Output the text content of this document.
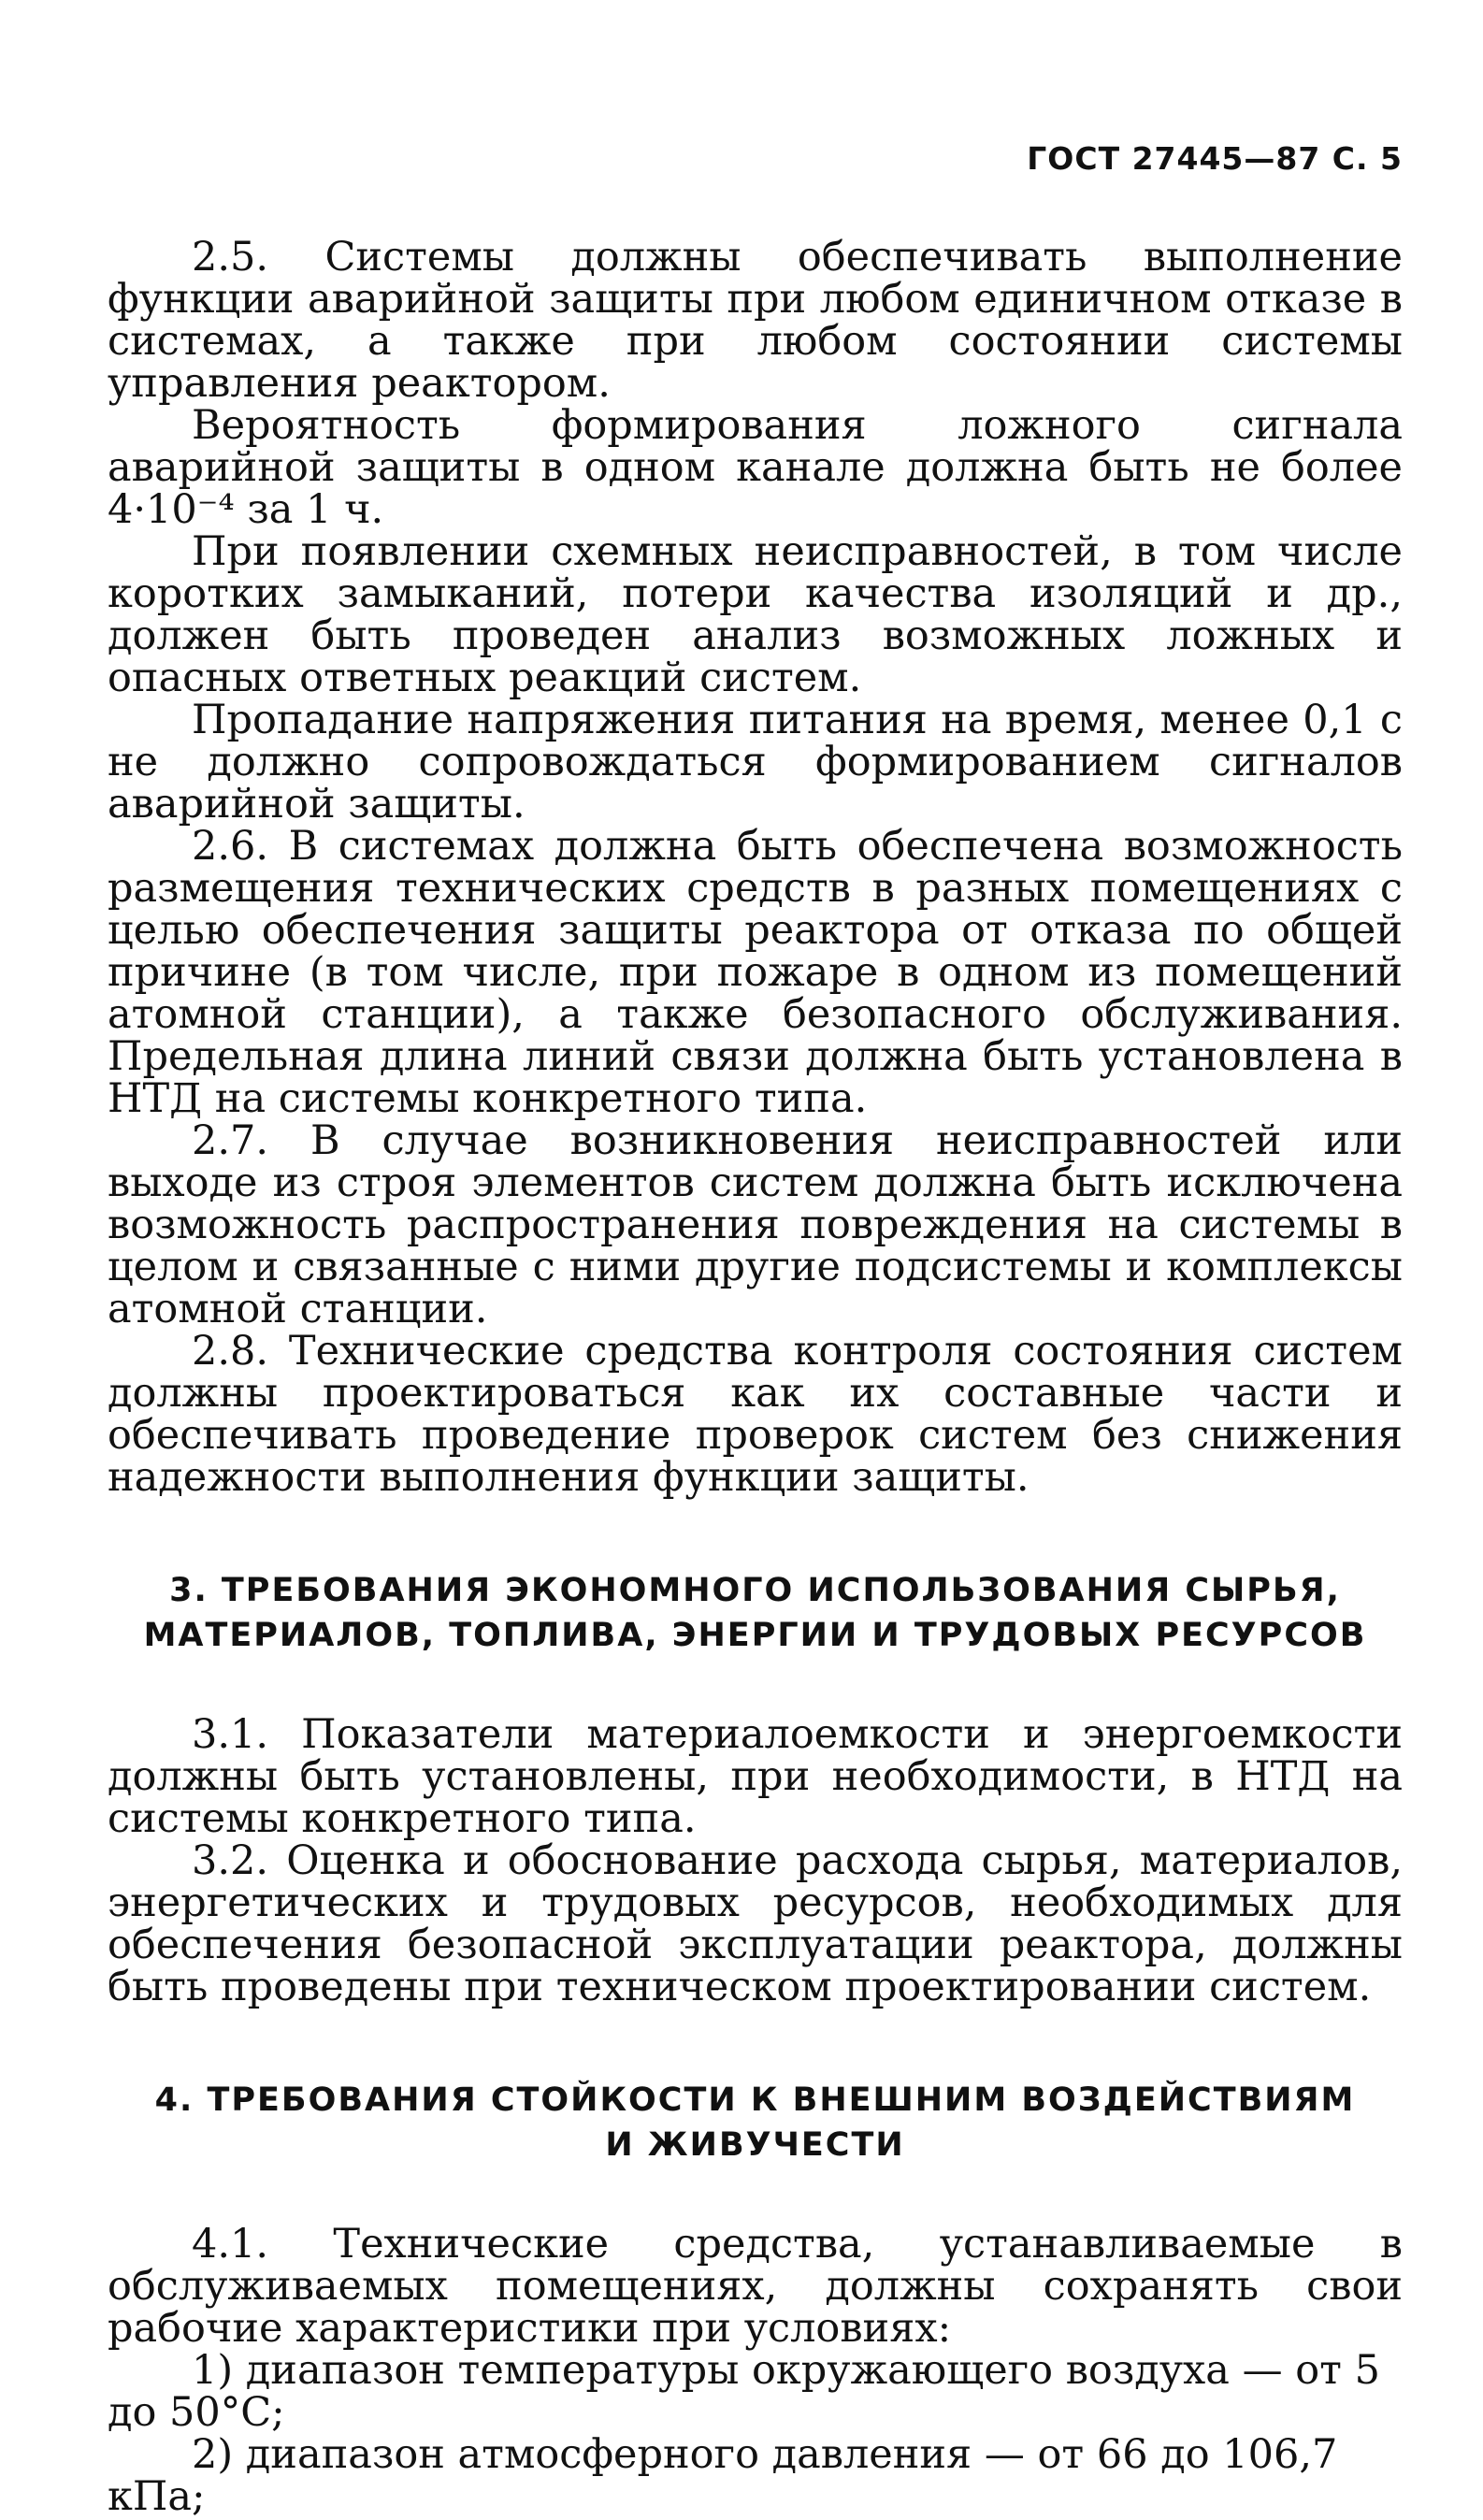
ГОСТ 27445—87 С. 5

2.5. Системы должны обеспечивать выполнение функции аварийной защиты при любом единичном отказе в системах, а также при любом состоянии системы управления реактором.

Вероятность формирования ложного сигнала аварийной защиты в одном канале должна быть не более 4·10⁻⁴ за 1 ч.

При появлении схемных неисправностей, в том числе коротких замыканий, потери качества изоляций и др., должен быть проведен анализ возможных ложных и опасных ответных реакций систем.

Пропадание напряжения питания на время, менее 0,1 с не должно сопровождаться формированием сигналов аварийной защиты.

2.6. В системах должна быть обеспечена возможность размещения технических средств в разных помещениях с целью обеспечения защиты реактора от отказа по общей причине (в том числе, при пожаре в одном из помещений атомной станции), а также безопасного обслуживания. Предельная длина линий связи должна быть установлена в НТД на системы конкретного типа.

2.7. В случае возникновения неисправностей или выходе из строя элементов систем должна быть исключена возможность распространения повреждения на системы в целом и связанные с ними другие подсистемы и комплексы атомной станции.

2.8. Технические средства контроля состояния систем должны проектироваться как их составные части и обеспечивать проведение проверок систем без снижения надежности выполнения функции защиты.

3. ТРЕБОВАНИЯ ЭКОНОМНОГО ИСПОЛЬЗОВАНИЯ СЫРЬЯ,
МАТЕРИАЛОВ, ТОПЛИВА, ЭНЕРГИИ И ТРУДОВЫХ РЕСУРСОВ

3.1. Показатели материалоемкости и энергоемкости должны быть установлены, при необходимости, в НТД на системы конкретного типа.

3.2. Оценка и обоснование расхода сырья, материалов, энергетических и трудовых ресурсов, необходимых для обеспечения безопасной эксплуатации реактора, должны быть проведены при техническом проектировании систем.

4. ТРЕБОВАНИЯ СТОЙКОСТИ К ВНЕШНИМ ВОЗДЕЙСТВИЯМ
И ЖИВУЧЕСТИ

4.1. Технические средства, устанавливаемые в обслуживаемых помещениях, должны сохранять свои рабочие характеристики при условиях:

1) диапазон температуры окружающего воздуха — от 5 до 50°С;

2) диапазон атмосферного давления — от 66 до 106,7 кПа;
